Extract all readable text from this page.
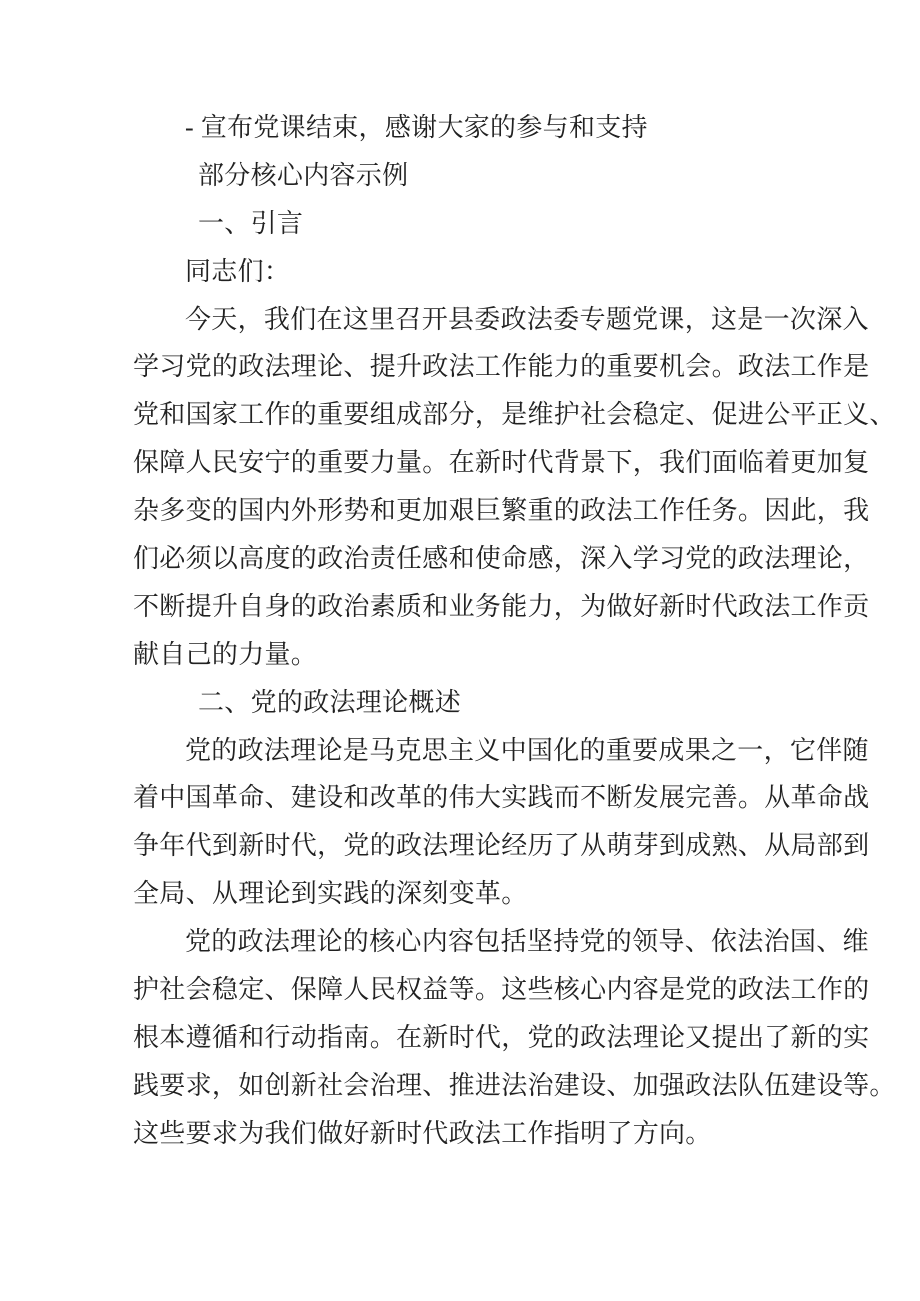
- 宣布党课结束，感谢大家的参与和支持
部分核心内容示例
一、引言
同志们：
今天，我们在这里召开县委政法委专题党课，这是一次深入
学习党的政法理论、提升政法工作能力的重要机会。政法工作是
党和国家工作的重要组成部分，是维护社会稳定、促进公平正义、
保障人民安宁的重要力量。在新时代背景下，我们面临着更加复
杂多变的国内外形势和更加艰巨繁重的政法工作任务。因此，我
们必须以高度的政治责任感和使命感，深入学习党的政法理论，
不断提升自身的政治素质和业务能力，为做好新时代政法工作贡
献自己的力量。
二、党的政法理论概述
党的政法理论是马克思主义中国化的重要成果之一，它伴随
着中国革命、建设和改革的伟大实践而不断发展完善。从革命战
争年代到新时代，党的政法理论经历了从萌芽到成熟、从局部到
全局、从理论到实践的深刻变革。
党的政法理论的核心内容包括坚持党的领导、依法治国、维
护社会稳定、保障人民权益等。这些核心内容是党的政法工作的
根本遵循和行动指南。在新时代，党的政法理论又提出了新的实
践要求，如创新社会治理、推进法治建设、加强政法队伍建设等。
这些要求为我们做好新时代政法工作指明了方向。
